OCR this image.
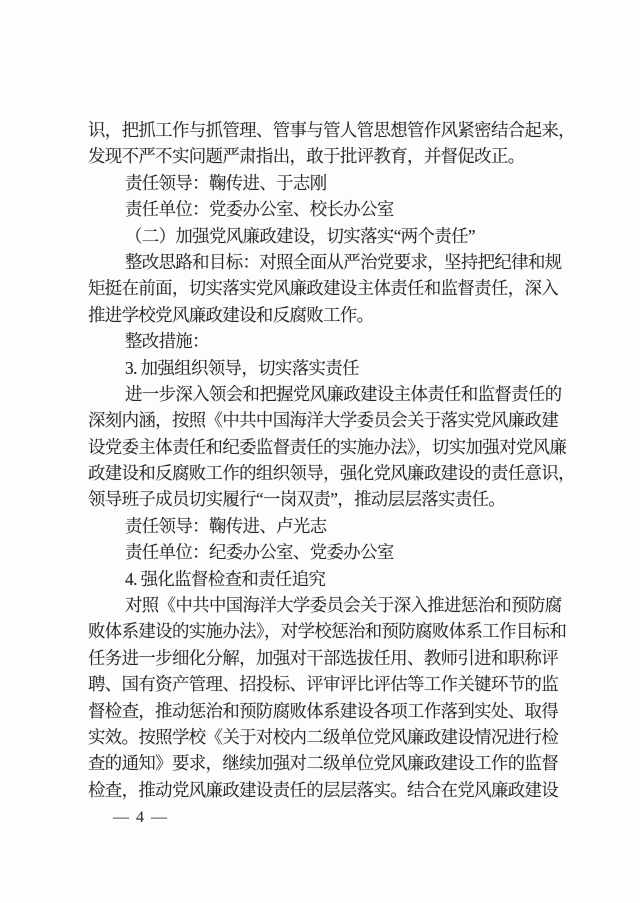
识，把抓工作与抓管理、管事与管人管思想管作风紧密结合起来，
发现不严不实问题严肃指出，敢于批评教育，并督促改正。
责任领导：鞠传进、于志刚
责任单位：党委办公室、校长办公室
（二）加强党风廉政建设，切实落实“两个责任”
整改思路和目标：对照全面从严治党要求，坚持把纪律和规
矩挺在前面，切实落实党风廉政建设主体责任和监督责任，深入
推进学校党风廉政建设和反腐败工作。
整改措施：
3. 加强组织领导，切实落实责任
进一步深入领会和把握党风廉政建设主体责任和监督责任的
深刻内涵，按照《中共中国海洋大学委员会关于落实党风廉政建
设党委主体责任和纪委监督责任的实施办法》，切实加强对党风廉
政建设和反腐败工作的组织领导，强化党风廉政建设的责任意识，
领导班子成员切实履行“一岗双责”，推动层层落实责任。
责任领导：鞠传进、卢光志
责任单位：纪委办公室、党委办公室
4. 强化监督检查和责任追究
对照《中共中国海洋大学委员会关于深入推进惩治和预防腐
败体系建设的实施办法》，对学校惩治和预防腐败体系工作目标和
任务进一步细化分解，加强对干部选拔任用、教师引进和职称评
聘、国有资产管理、招投标、评审评比评估等工作关键环节的监
督检查，推动惩治和预防腐败体系建设各项工作落到实处、取得
实效。按照学校《关于对校内二级单位党风廉政建设情况进行检
查的通知》要求，继续加强对二级单位党风廉政建设工作的监督
检查，推动党风廉政建设责任的层层落实。结合在党风廉政建设
— 4 —
